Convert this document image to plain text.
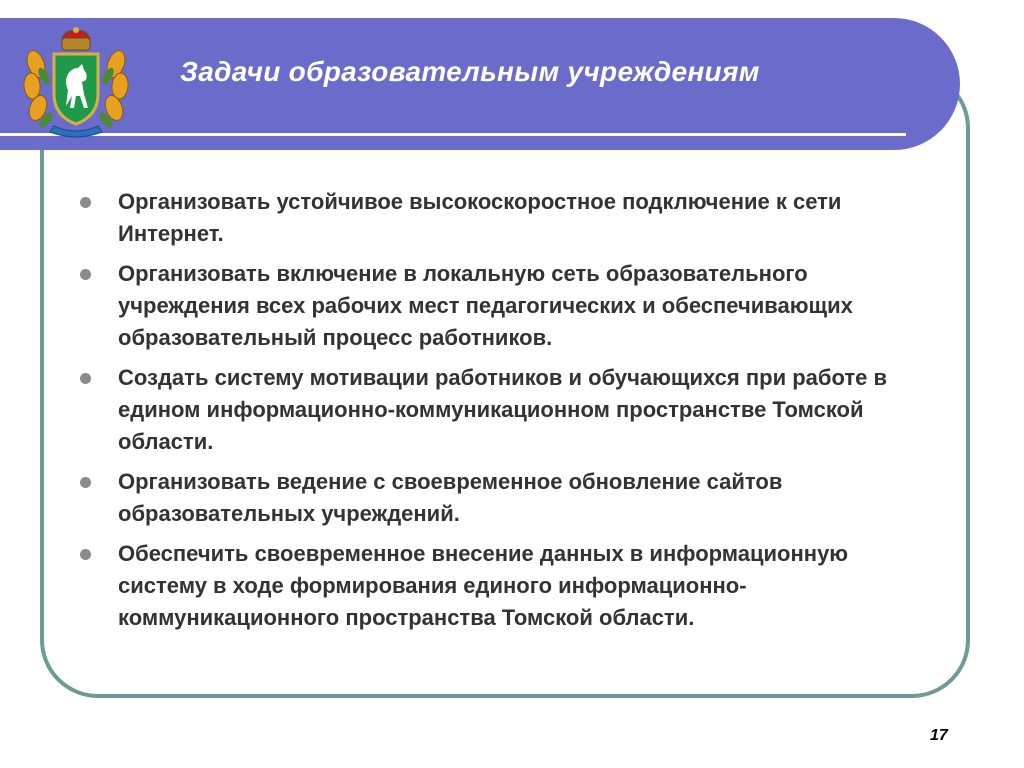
Задачи образовательным учреждениям
Организовать устойчивое высокоскоростное подключение к сети Интернет.
Организовать включение в локальную сеть образовательного учреждения всех рабочих мест педагогических и обеспечивающих образовательный процесс работников.
Создать систему мотивации работников и обучающихся при работе в едином информационно-коммуникационном пространстве Томской области.
Организовать ведение с своевременное обновление сайтов образовательных учреждений.
Обеспечить своевременное внесение данных в информационную систему в ходе формирования единого информационно-коммуникационного пространства Томской области.
17
